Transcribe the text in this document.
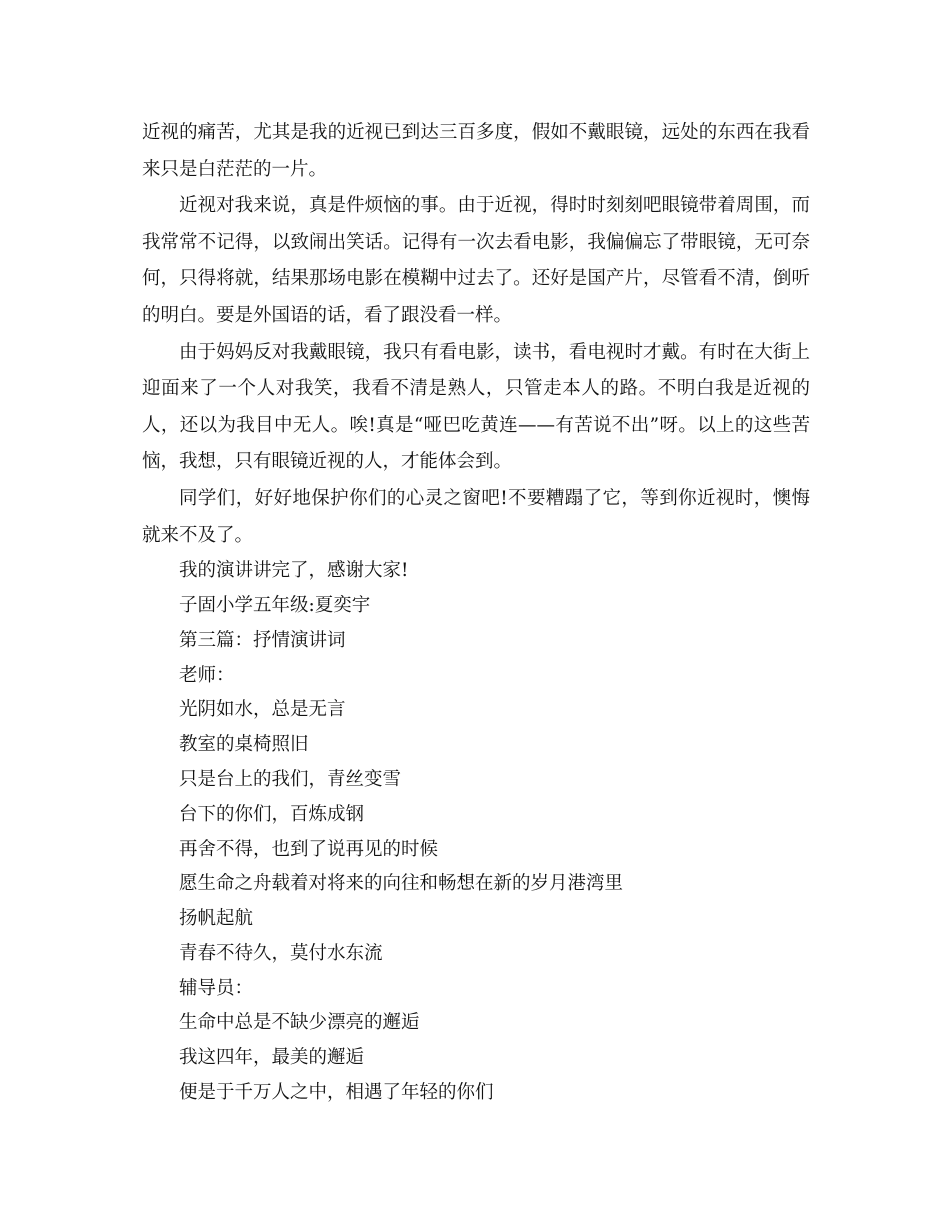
近视的痛苦，尤其是我的近视已到达三百多度，假如不戴眼镜，远处的东西在我看来只是白茫茫的一片。

近视对我来说，真是件烦恼的事。由于近视，得时时刻刻吧眼镜带着周围，而我常常不记得，以致闹出笑话。记得有一次去看电影，我偏偏忘了带眼镜，无可奈何，只得将就，结果那场电影在模糊中过去了。还好是国产片，尽管看不清，倒听的明白。要是外国语的话，看了跟没看一样。

由于妈妈反对我戴眼镜，我只有看电影，读书，看电视时才戴。有时在大街上迎面来了一个人对我笑，我看不清是熟人，只管走本人的路。不明白我是近视的人，还以为我目中无人。唉!真是“哑巴吃黄连——有苦说不出”呀。以上的这些苦恼，我想，只有眼镜近视的人，才能体会到。

同学们，好好地保护你们的心灵之窗吧!不要糟蹋了它，等到你近视时，懊悔就来不及了。

我的演讲讲完了，感谢大家!

子固小学五年级:夏奕宇

第三篇：抒情演讲词

老师：

光阴如水，总是无言

教室的桌椅照旧

只是台上的我们，青丝变雪

台下的你们，百炼成钢

再舍不得，也到了说再见的时候

愿生命之舟载着对将来的向往和畅想在新的岁月港湾里

扬帆起航

青春不待久，莫付水东流

辅导员：

生命中总是不缺少漂亮的邂逅

我这四年，最美的邂逅

便是于千万人之中，相遇了年轻的你们
